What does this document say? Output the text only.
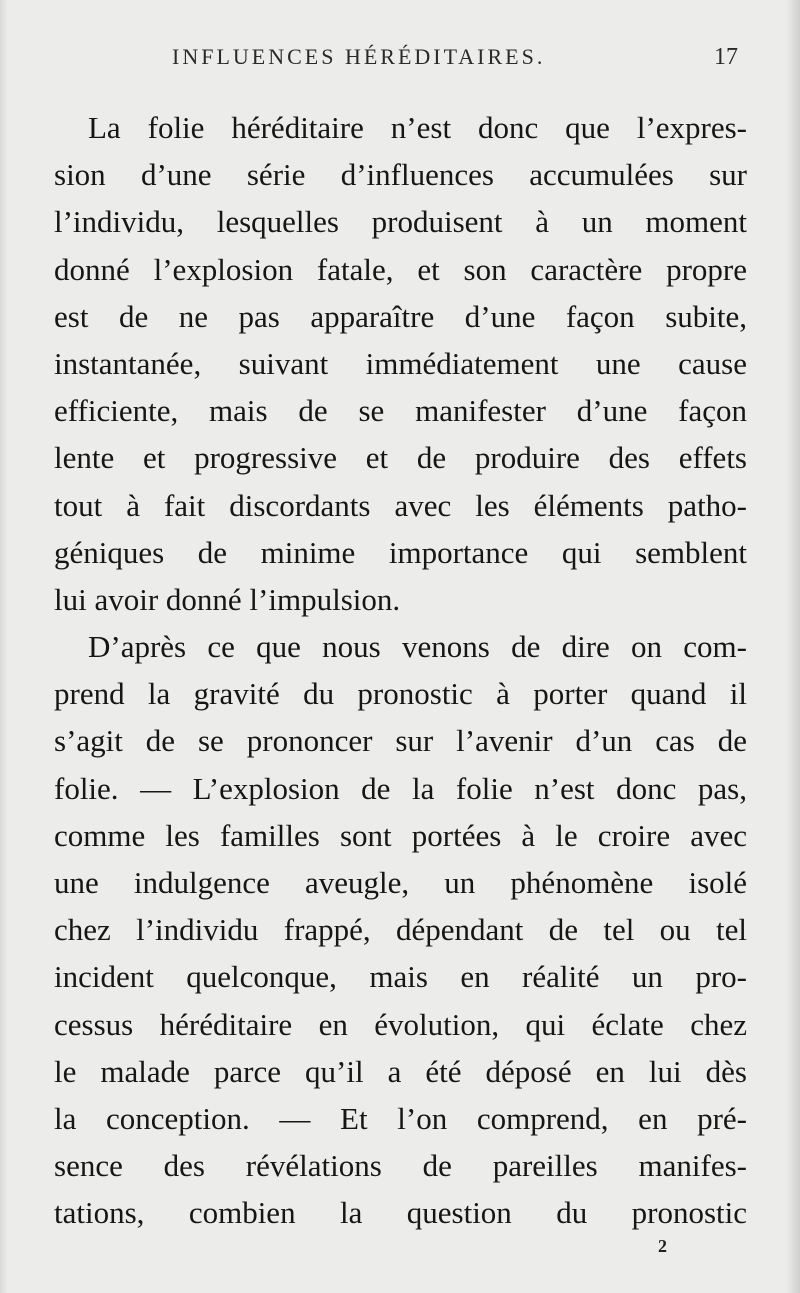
INFLUENCES HÉRÉDITAIRES.	17
La folie héréditaire n’est donc que l’expres-
sion d’une série d’influences accumulées sur
l’individu, lesquelles produisent à un moment
donné l’explosion fatale, et son caractère propre
est de ne pas apparaître d’une façon subite,
instantanée, suivant immédiatement une cause
efficiente, mais de se manifester d’une façon
lente et progressive et de produire des effets
tout à fait discordants avec les éléments patho-
géniques de minime importance qui semblent
lui avoir donné l’impulsion.
D’après ce que nous venons de dire on com-
prend la gravité du pronostic à porter quand il
s’agit de se prononcer sur l’avenir d’un cas de
folie. — L’explosion de la folie n’est donc pas,
comme les familles sont portées à le croire avec
une indulgence aveugle, un phénomène isolé
chez l’individu frappé, dépendant de tel ou tel
incident quelconque, mais en réalité un pro-
cessus héréditaire en évolution, qui éclate chez
le malade parce qu’il a été déposé en lui dès
la conception. — Et l’on comprend, en pré-
sence des révélations de pareilles manifes-
tations, combien la question du pronostic
2
